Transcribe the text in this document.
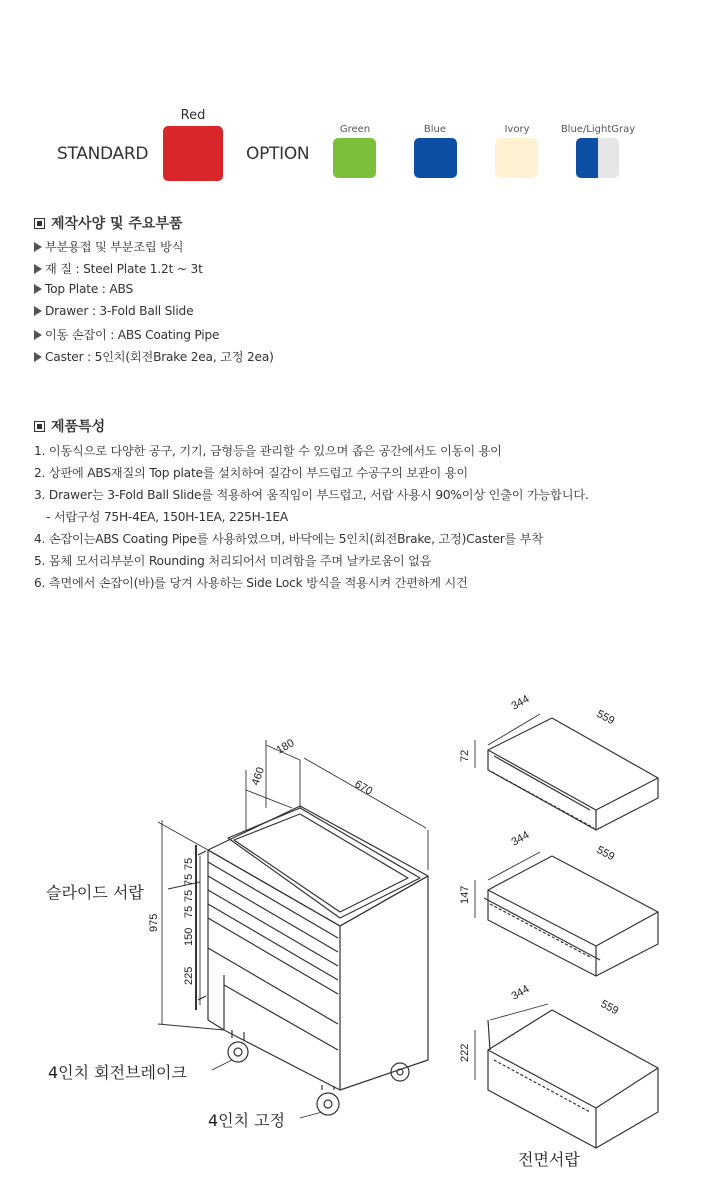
STANDARD
Red
OPTION
Green	Blue	Ivory	Blue/LightGray
제작사양 및 주요부품
부분용접 및 부분조립 방식
재 질 : Steel Plate 1.2t ~ 3t
Top Plate : ABS
Drawer : 3-Fold Ball Slide
이동 손잡이 : ABS Coating Pipe
Caster : 5인치(회전Brake 2ea, 고정 2ea)
제품특성
1. 이동식으로 다양한 공구, 기기, 금형등을 관리할 수 있으며 좁은 공간에서도 이동이 용이
2. 상판에 ABS재질의 Top plate를 설치하여 질감이 부드럽고 수공구의 보관이 용이
3. Drawer는 3-Fold Ball Slide를 적용하여 움직임이 부드럽고, 서랍 사용시 90%이상 인출이 가능합니다.
- 서랍구성 75H-4EA, 150H-1EA, 225H-1EA
4. 손잡이는ABS Coating Pipe를 사용하였으며, 바닥에는 5인치(회전Brake, 고정)Caster를 부착
5. 몸체 모서리부분이 Rounding 처리되어서 미려함을 주며 날카로움이 없음
6. 측면에서 손잡이(바)를 당겨 사용하는 Side Lock 방식을 적용시켜 간편하게 시건
180
460
670
975
75
75
75
75
150
225
344
559
72
344
559
147
344
559
222
슬라이드 서랍
4인치 회전브레이크
4인치 고정
전면서랍
